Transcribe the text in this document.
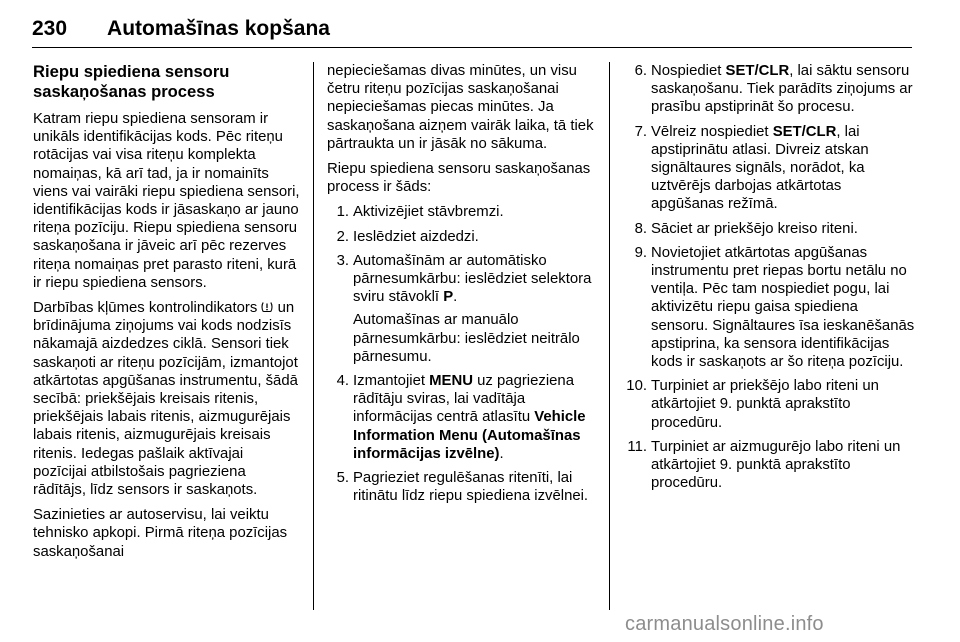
230 Automašīnas kopšana
Riepu spiediena sensoru saskaņošanas process

Katram riepu spiediena sensoram ir unikāls identifikācijas kods. Pēc riteņu rotācijas vai visa riteņu komplekta nomaiņas, kā arī tad, ja ir nomainīts viens vai vairāki riepu spiediena sensori, identifikācijas kods ir jāsaskaņo ar jauno riteņa pozīciju. Riepu spiediena sensoru saskaņošana ir jāveic arī pēc rezerves riteņa nomaiņas pret parasto riteni, kurā ir riepu spiediena sensors.

Darbības kļūmes kontrolindikators un brīdinājuma ziņojums vai kods nodzisīs nākamajā aizdedzes ciklā. Sensori tiek saskaņoti ar riteņu pozīcijām, izmantojot atkārtotas apgūšanas instrumentu, šādā secībā: priekšējais kreisais ritenis, priekšējais labais ritenis, aizmugurējais labais ritenis, aizmugurējais kreisais ritenis. Iedegas pašlaik aktīvajai pozīcijai atbilstošais pagrieziena rādītājs, līdz sensors ir saskaņots.

Sazinieties ar autoservisu, lai veiktu tehnisko apkopi. Pirmā riteņa pozīcijas saskaņošanai

nepieciešamas divas minūtes, un visu četru riteņu pozīcijas saskaņošanai nepieciešamas piecas minūtes. Ja saskaņošana aizņem vairāk laika, tā tiek pārtraukta un ir jāsāk no sākuma.

Riepu spiediena sensoru saskaņošanas process ir šāds:

1. Aktivizējiet stāvbremzi.
2. Ieslēdziet aizdedzi.
3. Automašīnām ar automātisko pārnesumkārbu: ieslēdziet selektora sviru stāvoklī P.

Automašīnas ar manuālo pārnesumkārbu: ieslēdziet neitrālo pārnesumu.

4. Izmantojiet MENU uz pagrieziena rādītāju sviras, lai vadītāja informācijas centrā atlasītu Vehicle Information Menu (Automašīnas informācijas izvēlne).
5. Pagrieziet regulēšanas ritenīti, lai ritinātu līdz riepu spiediena izvēlnei.
6. Nospiediet SET/CLR, lai sāktu sensoru saskaņošanu. Tiek parādīts ziņojums ar prasību apstiprināt šo procesu.
7. Vēlreiz nospiediet SET/CLR, lai apstiprinātu atlasi. Divreiz atskan signāltaures signāls, norādot, ka uztvērējs darbojas atkārtotas apgūšanas režīmā.
8. Sāciet ar priekšējo kreiso riteni.
9. Novietojiet atkārtotas apgūšanas instrumentu pret riepas bortu netālu no ventiļa. Pēc tam nospiediet pogu, lai aktivizētu riepu gaisa spiediena sensoru. Signāltaures īsa ieskanēšanās apstiprina, ka sensora identifikācijas kods ir saskaņots ar šo riteņa pozīciju.
10. Turpiniet ar priekšējo labo riteni un atkārtojiet 9. punktā aprakstīto procedūru.
11. Turpiniet ar aizmugurējo labo riteni un atkārtojiet 9. punktā aprakstīto procedūru.
carmanualsonline.info
